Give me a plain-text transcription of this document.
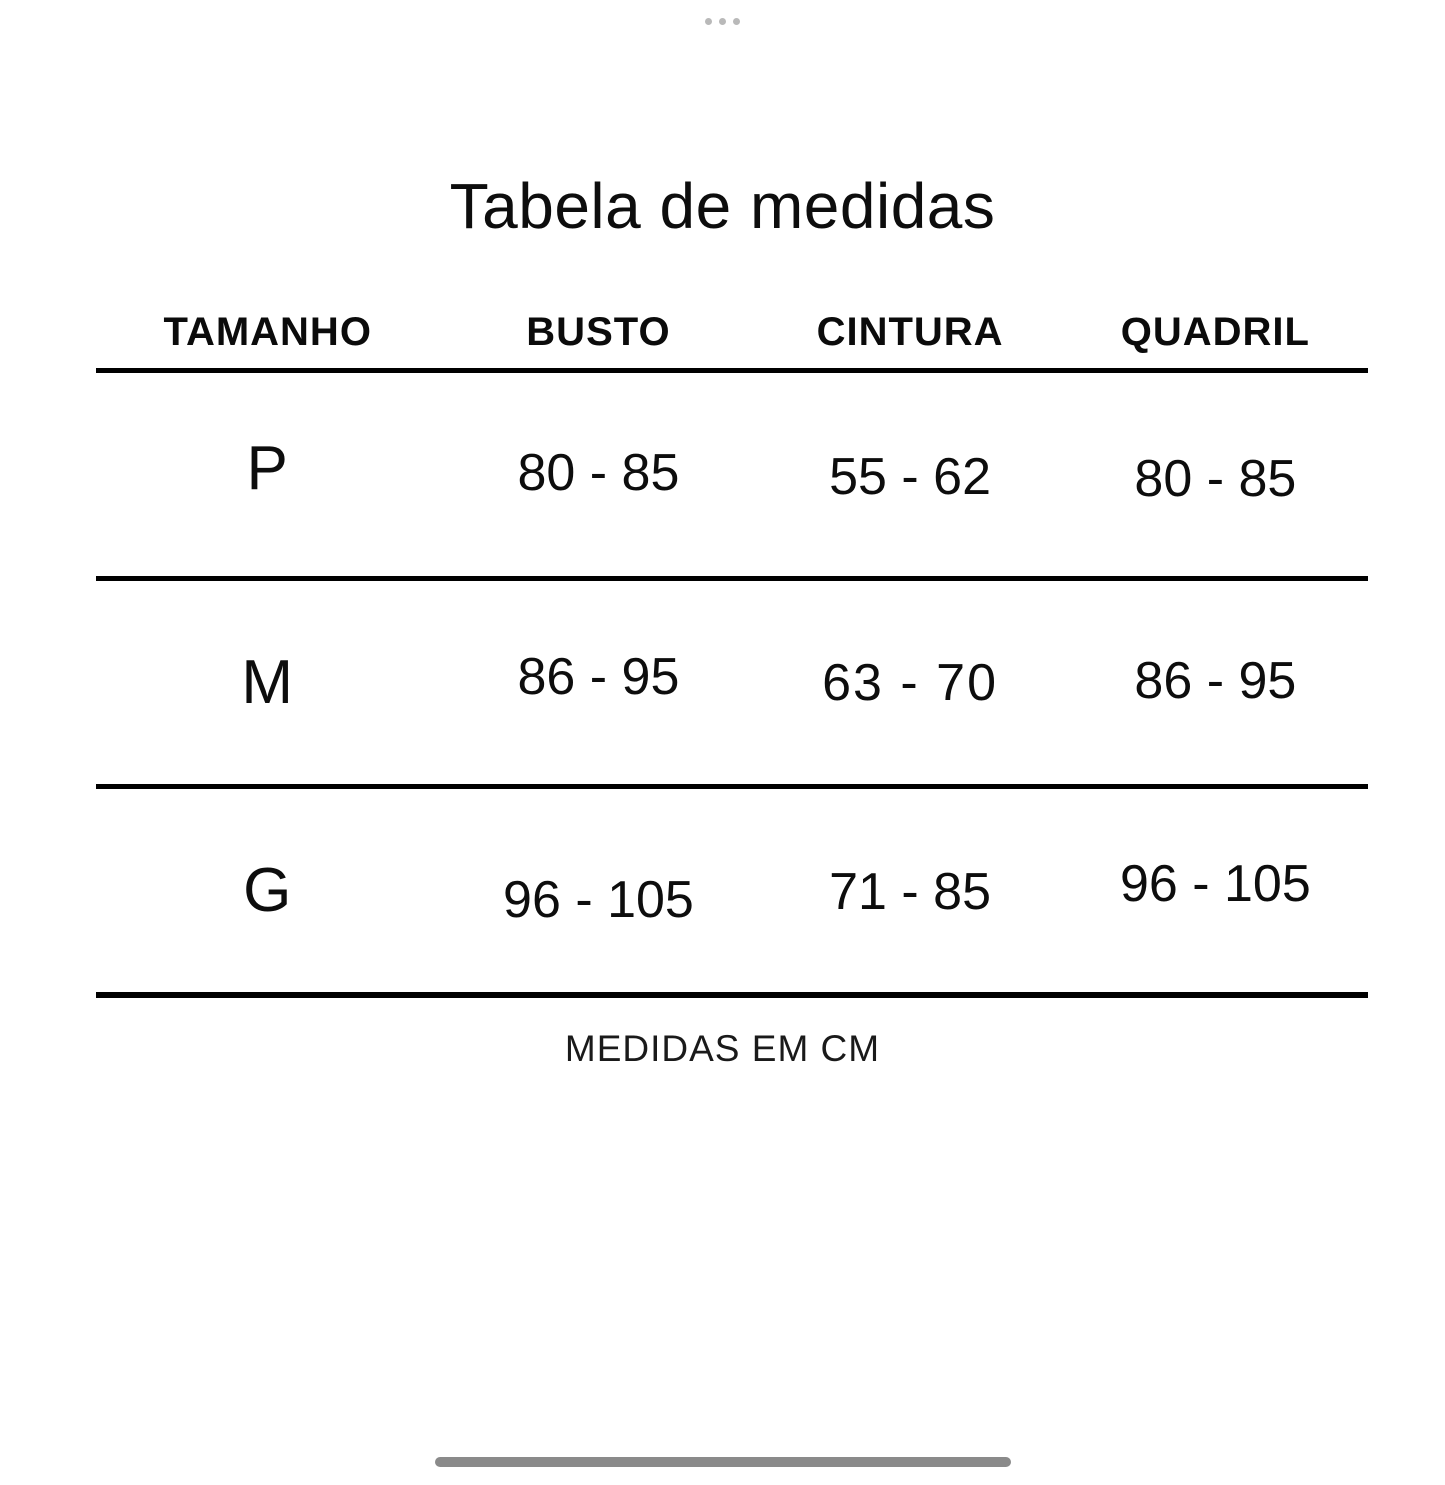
Tabela de medidas
TAMANHO	BUSTO	CINTURA	QUADRIL
P	80 - 85	55 - 62	80 - 85
M	86 - 95	63 - 70	86 - 95
G	96 - 105	71 - 85	96 - 105
MEDIDAS EM CM
